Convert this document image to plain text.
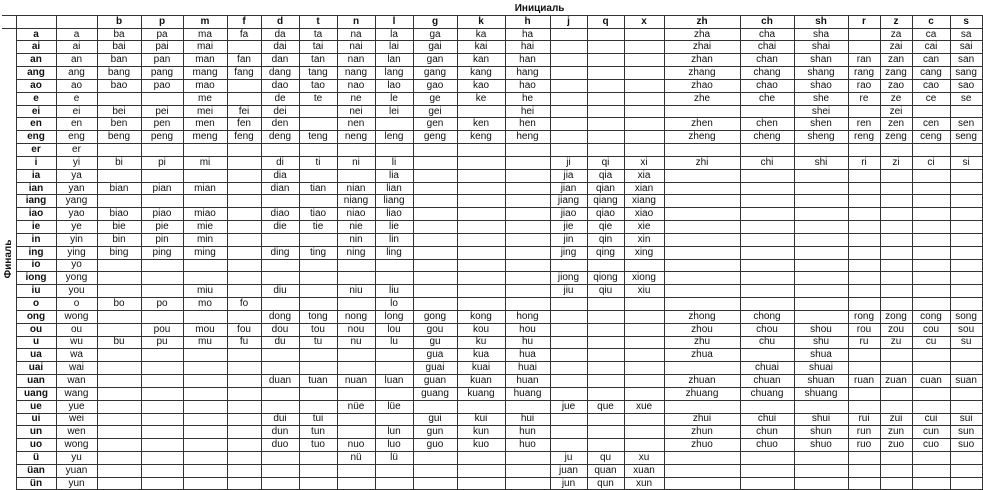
			Инициаль																				
			b	p	m	f	d	t	n	l	g	k	h	j	q	x	zh	ch	sh	r	z	c	s

Финаль	a	a	ba	pa	ma	fa	da	ta	na	la	ga	ka	ha				zha	cha	sha		za	ca	sa
	ai	ai	bai	pai	mai		dai	tai	nai	lai	gai	kai	hai				zhai	chai	shai		zai	cai	sai
	an	an	ban	pan	man	fan	dan	tan	nan	lan	gan	kan	han				zhan	chan	shan	ran	zan	can	san
	ang	ang	bang	pang	mang	fang	dang	tang	nang	lang	gang	kang	hang				zhang	chang	shang	rang	zang	cang	sang
	ao	ao	bao	pao	mao		dao	tao	nao	lao	gao	kao	hao				zhao	chao	shao	rao	zao	cao	sao
	e	e			me		de	te	ne	le	ge	ke	he				zhe	che	she	re	ze	ce	se
	ei	ei	bei	pei	mei	fei	dei		nei	lei	gei		hei						shei		zei		
	en	en	ben	pen	men	fen	den		nen		gen	ken	hen				zhen	chen	shen	ren	zen	cen	sen
	eng	eng	beng	peng	meng	feng	deng	teng	neng	leng	geng	keng	heng				zheng	cheng	sheng	reng	zeng	ceng	seng
	er	er																					
	i	yi	bi	pi	mi		di	ti	ni	li				ji	qi	xi	zhi	chi	shi	ri	zi	ci	si
	ia	ya					dia			lia				jia	qia	xia							
	ian	yan	bian	pian	mian		dian	tian	nian	lian				jian	qian	xian							
	iang	yang							niang	liang				jiang	qiang	xiang							
	iao	yao	biao	piao	miao		diao	tiao	niao	liao				jiao	qiao	xiao							
	ie	ye	bie	pie	mie		die	tie	nie	lie				jie	qie	xie							
	in	yin	bin	pin	min				nin	lin				jin	qin	xin							
	ing	ying	bing	ping	ming		ding	ting	ning	ling				jing	qing	xing							
	io	yo																					
	iong	yong												jiong	qiong	xiong							
	iu	you			miu		diu		niu	liu				jiu	qiu	xiu							
	o	o	bo	po	mo	fo				lo													
	ong	wong					dong	tong	nong	long	gong	kong	hong				zhong	chong		rong	zong	cong	song
	ou	ou		pou	mou	fou	dou	tou	nou	lou	gou	kou	hou				zhou	chou	shou	rou	zou	cou	sou
	u	wu	bu	pu	mu	fu	du	tu	nu	lu	gu	ku	hu				zhu	chu	shu	ru	zu	cu	su
	ua	wa									gua	kua	hua				zhua		shua				
	uai	wai									guai	kuai	huai					chuai	shuai				
	uan	wan					duan	tuan	nuan	luan	guan	kuan	huan				zhuan	chuan	shuan	ruan	zuan	cuan	suan
	uang	wang									guang	kuang	huang				zhuang	chuang	shuang				
	ue	yue							nüe	lüe				jue	que	xue							
	ui	wei					dui	tui			gui	kui	hui				zhui	chui	shui	rui	zui	cui	sui
	un	wen					dun	tun		lun	gun	kun	hun				zhun	chun	shun	run	zun	cun	sun
	uo	wong					duo	tuo	nuo	luo	guo	kuo	huo				zhuo	chuo	shuo	ruo	zuo	cuo	suo
	ü	yu							nü	lü				ju	qu	xu							
	üan	yuan												juan	quan	xuan							
	ün	yun												jun	qun	xun							
